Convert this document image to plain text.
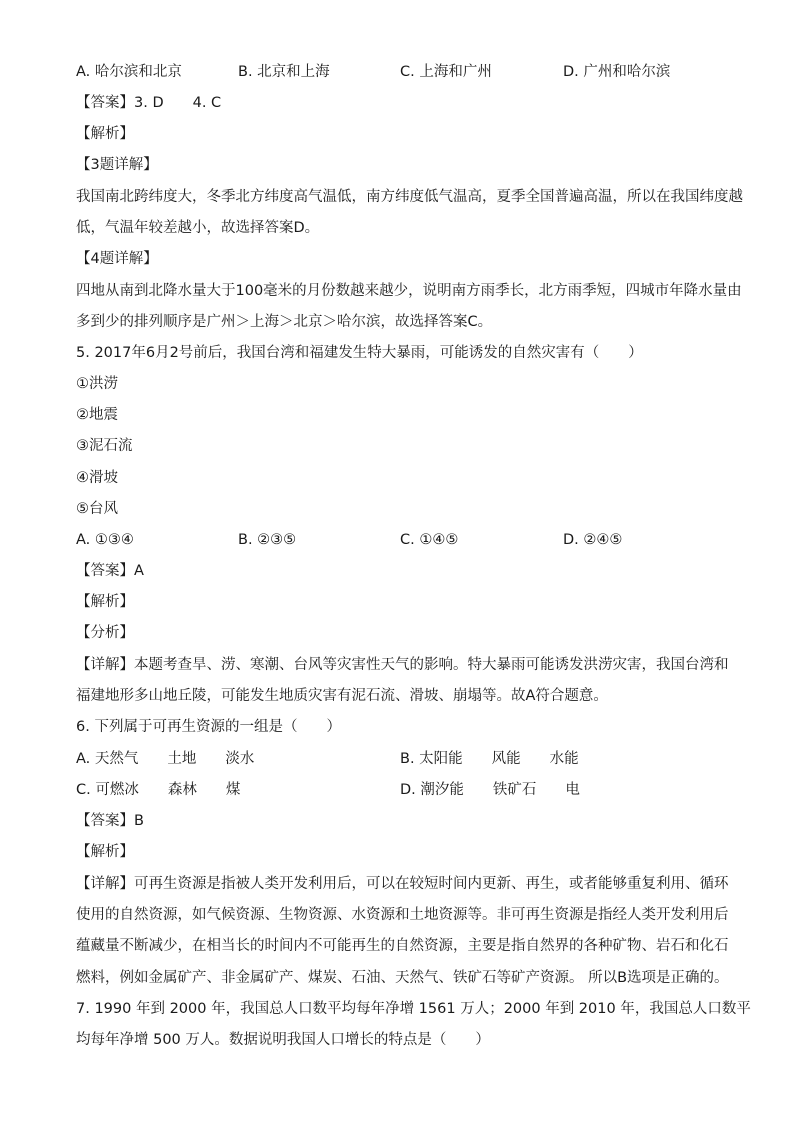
A. 哈尔滨和北京	B. 北京和上海	C. 上海和广州	D. 广州和哈尔滨
【答案】3. D　　4. C
【解析】
【3题详解】
我国南北跨纬度大，冬季北方纬度高气温低，南方纬度低气温高，夏季全国普遍高温，所以在我国纬度越
低，气温年较差越小，故选择答案D。
【4题详解】
四地从南到北降水量大于100毫米的月份数越来越少，说明南方雨季长，北方雨季短，四城市年降水量由
多到少的排列顺序是广州＞上海＞北京＞哈尔滨，故选择答案C。
5. 2017年6月2号前后，我国台湾和福建发生特大暴雨，可能诱发的自然灾害有（　　）
①洪涝
②地震
③泥石流
④滑坡
⑤台风
A. ①③④	B. ②③⑤	C. ①④⑤	D. ②④⑤
【答案】A
【解析】
【分析】
【详解】本题考查旱、涝、寒潮、台风等灾害性天气的影响。特大暴雨可能诱发洪涝灾害，我国台湾和
福建地形多山地丘陵，可能发生地质灾害有泥石流、滑坡、崩塌等。故A符合题意。
6. 下列属于可再生资源的一组是（　　）
A. 天然气　　土地　　淡水	B. 太阳能　　风能　　水能
C. 可燃冰　　森林　　煤	D. 潮汐能　　铁矿石　　电
【答案】B
【解析】
【详解】可再生资源是指被人类开发利用后，可以在较短时间内更新、再生，或者能够重复利用、循环
使用的自然资源，如气候资源、生物资源、水资源和土地资源等。非可再生资源是指经人类开发利用后
蕴藏量不断减少，在相当长的时间内不可能再生的自然资源，主要是指自然界的各种矿物、岩石和化石
燃料，例如金属矿产、非金属矿产、煤炭、石油、天然气、铁矿石等矿产资源。 所以B选项是正确的。
7. 1990 年到 2000 年，我国总人口数平均每年净增 1561 万人；2000 年到 2010 年，我国总人口数平
均每年净增 500 万人。数据说明我国人口增长的特点是（　　）
